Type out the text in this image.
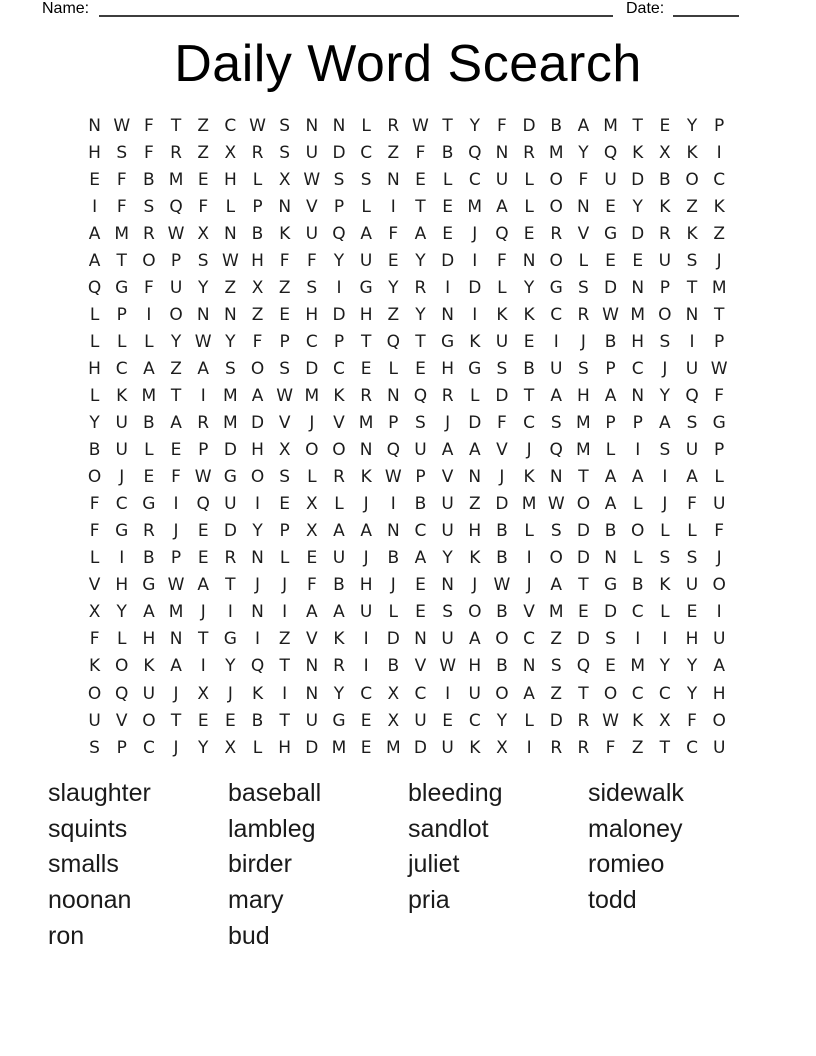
Name:	Date:
Daily Word Scearch
N W F	T Z C W S N N L R W T Y	F D B A M T E Y P
H S F R Z X R S U D C Z F B Q N R M Y Q K X K	I
E F B M E H L X W S S N E	L C U L O F U D B O C
I	F S Q F	L	P N V P	L	I	T E M A L O N E Y K Z K
A M R W X N B K U Q A F A E	J	Q E R V G D R K Z
A T O P S W H F	F	Y U E Y D	I	F N O L	E E U S	J
Q G F U Y Z X Z S	I	G Y R	I	D L	Y G S D N P T M
L	P	I	O N N Z E H D H Z Y N	I	K K C R W M O N T
L	L	L	Y W Y	F	P C P T Q T G K U E	I	J	B H S	I	P
H C A Z A S O S D C E	L	E H G S B U S P C	J	U W
L K M T	I	M A W M K R N Q R L D T A H A N Y Q F
Y U B A R M D V	J	V M P S	J	D F C S M P P A S G
B U L	E P D H X O O N Q U A A V	J	Q M L	I	S U P
O	J	E F W G O S	L R K W P V N	J	K N T A A	I	A L
F C G	I	Q U	I	E X L	J	I	B U Z D M W O A L	J	F U
F G R	J	E D Y P X A A N C U H B L	S D B O L	L	F
L	I	B P E R N L	E U	J	B A Y K B	I	O D N L	S S	J
V H G W A T	J	J	F B H	J	E N	J W J	A T G B K U O
X Y A M	J	I	N	I	A A U L	E S O B V M E D C L	E	I
F	L H N T G	I	Z V K	I	D N U A O C Z D S	I	I	H U
K O K A	I	Y Q T N R	I	B V W H B N S Q E M Y Y A
O Q U	J	X	J	K	I	N Y C X C	I	U O A Z T O C C Y H
U V O T E E B T U G E X U E C Y	L D R W K X F O
S P C	J	Y X L H D M E M D U K X	I	R R F Z T C U
slaughter
squints
smalls
noonan
ron
baseball
lambleg
birder
mary
bud
bleeding
sandlot
juliet
pria
sidewalk
maloney
romieo
todd
